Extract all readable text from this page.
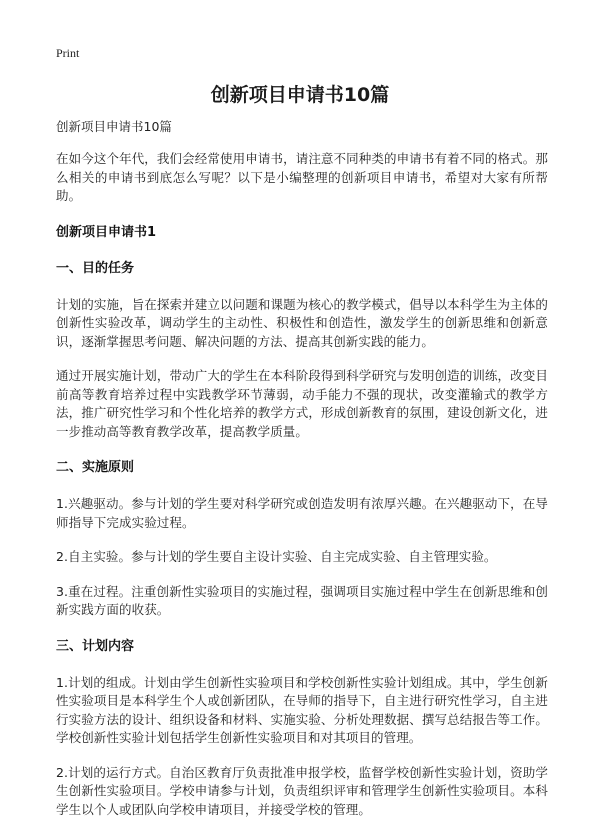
Print
创新项目申请书10篇

创新项目申请书10篇

在如今这个年代，我们会经常使用申请书，请注意不同种类的申请书有着不同的格式。那么相关的申请书到底怎么写呢？以下是小编整理的创新项目申请书，希望对大家有所帮助。

创新项目申请书1

一、目的任务

计划的实施，旨在探索并建立以问题和课题为核心的教学模式，倡导以本科学生为主体的创新性实验改革，调动学生的主动性、积极性和创造性，激发学生的创新思维和创新意识，逐渐掌握思考问题、解决问题的方法、提高其创新实践的能力。

通过开展实施计划，带动广大的学生在本科阶段得到科学研究与发明创造的训练，改变目前高等教育培养过程中实践教学环节薄弱，动手能力不强的现状，改变灌输式的教学方法，推广研究性学习和个性化培养的教学方式，形成创新教育的氛围，建设创新文化，进一步推动高等教育教学改革，提高教学质量。

二、实施原则

1.兴趣驱动。参与计划的学生要对科学研究或创造发明有浓厚兴趣。在兴趣驱动下，在导师指导下完成实验过程。

2.自主实验。参与计划的学生要自主设计实验、自主完成实验、自主管理实验。

3.重在过程。注重创新性实验项目的实施过程，强调项目实施过程中学生在创新思维和创新实践方面的收获。

三、计划内容

1.计划的组成。计划由学生创新性实验项目和学校创新性实验计划组成。其中，学生创新性实验项目是本科学生个人或创新团队，在导师的指导下，自主进行研究性学习，自主进行实验方法的设计、组织设备和材料、实施实验、分析处理数据、撰写总结报告等工作。学校创新性实验计划包括学生创新性实验项目和对其项目的管理。

2.计划的运行方式。自治区教育厅负责批准申报学校，监督学校创新性实验计划，资助学生创新性实验项目。学校申请参与计划，负责组织评审和管理学生创新性实验项目。本科学生以个人或团队向学校申请项目，并接受学校的管理。
